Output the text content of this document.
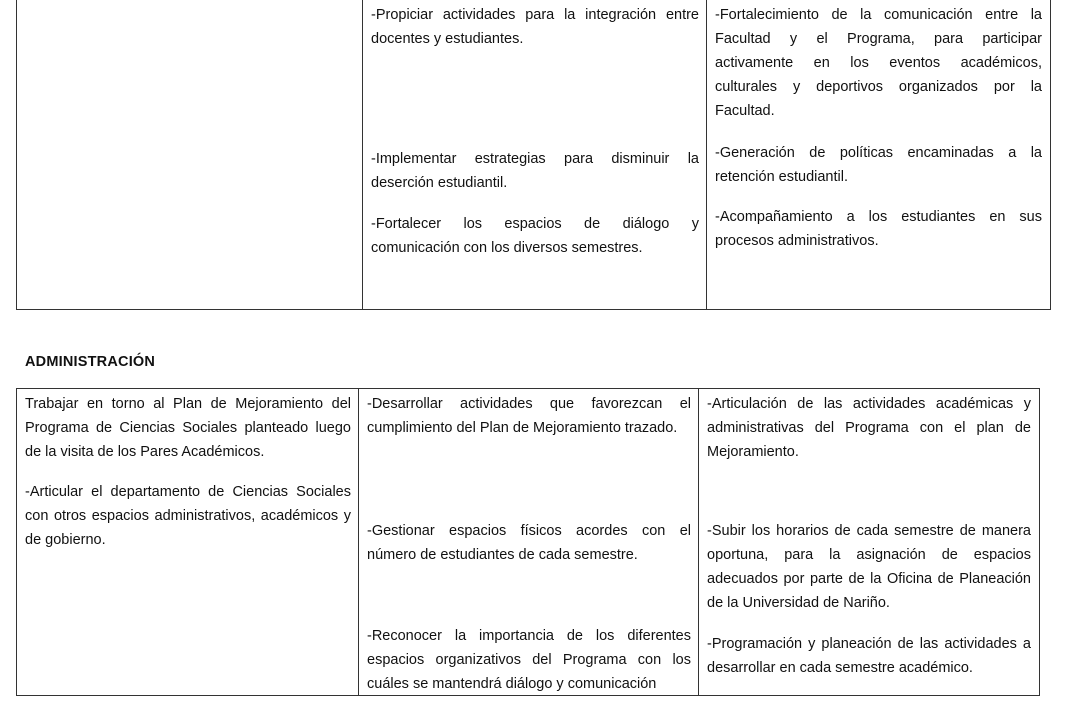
-Propiciar actividades para la integración entre docentes y estudiantes.

-Implementar estrategias para disminuir la deserción estudiantil.

-Fortalecer los espacios de diálogo y comunicación con los diversos semestres.

-Fortalecimiento de la comunicación entre la Facultad y el Programa, para participar activamente en los eventos académicos, culturales y deportivos organizados por la Facultad.

-Generación de políticas encaminadas a la retención estudiantil.

-Acompañamiento a los estudiantes en sus procesos administrativos.

ADMINISTRACIÓN

Trabajar en torno al Plan de Mejoramiento del Programa de Ciencias Sociales planteado luego de la visita de los Pares Académicos.

-Articular el departamento de Ciencias Sociales con otros espacios administrativos, académicos y de gobierno.

-Desarrollar actividades que favorezcan el cumplimiento del Plan de Mejoramiento trazado.

-Gestionar espacios físicos acordes con el número de estudiantes de cada semestre.

-Reconocer la importancia de los diferentes espacios organizativos del Programa con los cuáles se mantendrá diálogo y comunicación

-Articulación de las actividades académicas y administrativas del Programa con el plan de Mejoramiento.

-Subir los horarios de cada semestre de manera oportuna, para la asignación de espacios adecuados por parte de la Oficina de Planeación de la Universidad de Nariño.

-Programación y planeación de las actividades a desarrollar en cada semestre académico.
